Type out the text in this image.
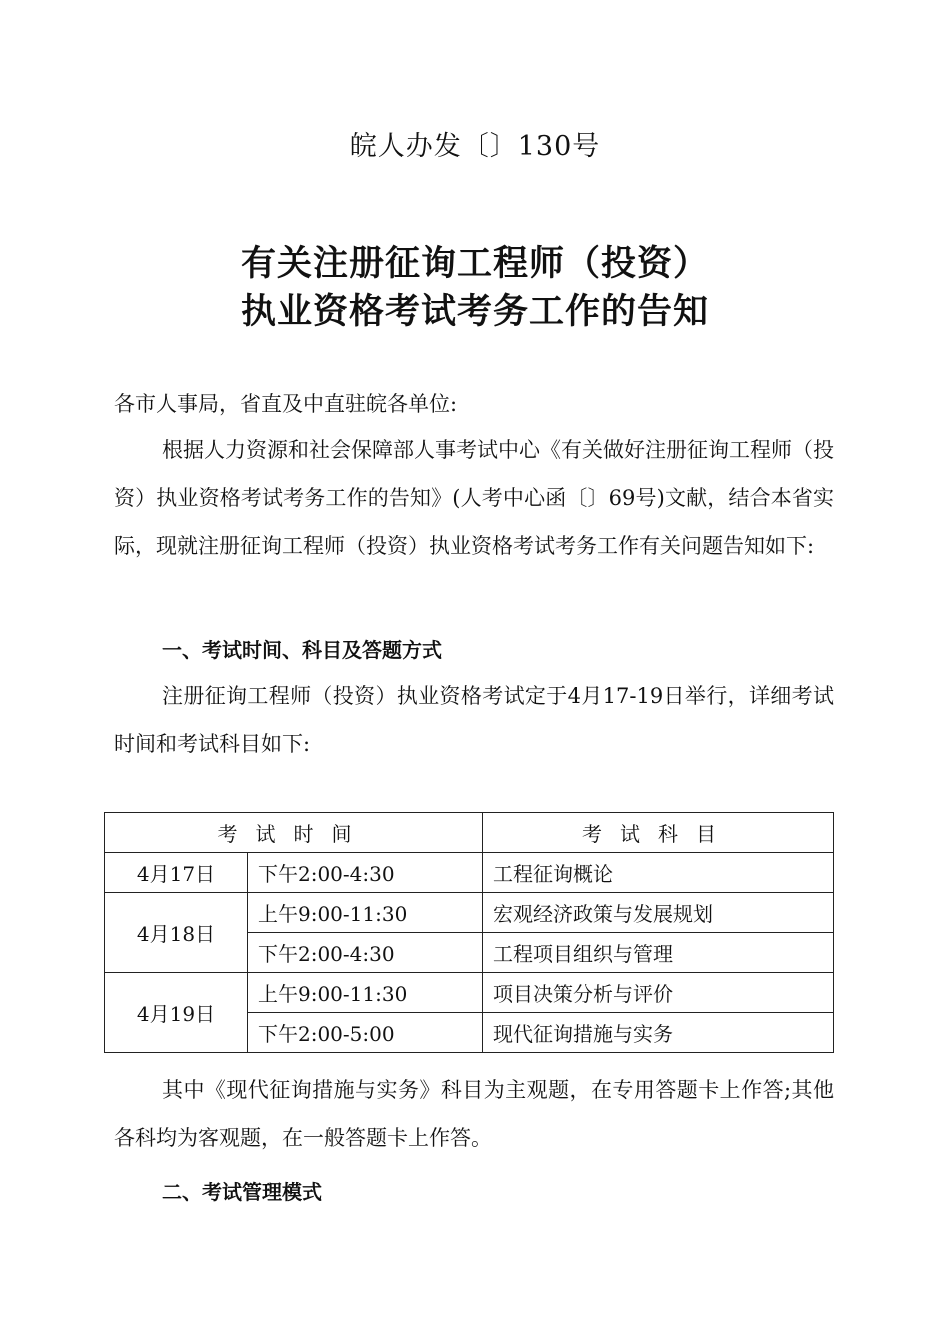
皖人办发〔〕130号
有关注册征询工程师（投资）
执业资格考试考务工作的告知
各市人事局，省直及中直驻皖各单位:
根据人力资源和社会保障部人事考试中心《有关做好注册征询工程师（投资）执业资格考试考务工作的告知》(人考中心函〔〕69号)文献，结合本省实际，现就注册征询工程师（投资）执业资格考试考务工作有关问题告知如下:
一、考试时间、科目及答题方式
注册征询工程师（投资）执业资格考试定于4月17-19日举行，详细考试时间和考试科目如下:
考试时间		考试科目
4月17日	下午2:00-4:30	工程征询概论
4月18日	上午9:00-11:30	宏观经济政策与发展规划
	下午2:00-4:30	工程项目组织与管理
4月19日	上午9:00-11:30	项目决策分析与评价
	下午2:00-5:00	现代征询措施与实务
其中《现代征询措施与实务》科目为主观题，在专用答题卡上作答;其他各科均为客观题，在一般答题卡上作答。
二、考试管理模式
